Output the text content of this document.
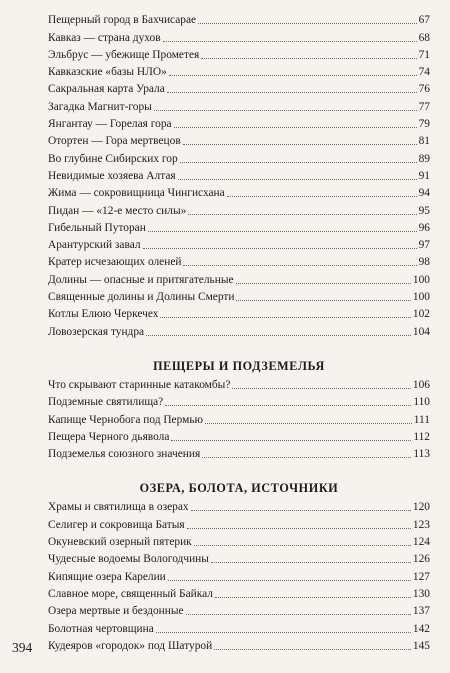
Пещерный город в Бахчисарае	67
Кавказ — страна духов	68
Эльбрус — убежище Прометея	71
Кавказские «базы НЛО»	74
Сакральная карта Урала	76
Загадка Магнит-горы	77
Янгантау — Горелая гора	79
Отортен — Гора мертвецов	81
Во глубине Сибирских гор	89
Невидимые хозяева Алтая	91
Жима — сокровищница Чингисхана	94
Пидан — «12-е место силы»	95
Гибельный Путоран	96
Арантурский завал	97
Кратер исчезающих оленей	98
Долины — опасные и притягательные	100
Священные долины и Долины Смерти	100
Котлы Елюю Черкечех	102
Ловозерская тундра	104
ПЕЩЕРЫ И ПОДЗЕМЕЛЬЯ
Что скрывают старинные катакомбы?	106
Подземные святилища?	110
Капище Чернобога под Пермью	111
Пещера Черного дьявола	112
Подземелья союзного значения	113
ОЗЕРА, БОЛОТА, ИСТОЧНИКИ
Храмы и святилища в озерах	120
Селигер и сокровища Батыя	123
Окуневский озерный пятерик	124
Чудесные водоемы Вологодчины	126
Кипящие озера Карелии	127
Славное море, священный Байкал	130
Озера мертвые и бездонные	137
Болотная чертовщина	142
Кудеяров «городок» под Шатурой	145
394
